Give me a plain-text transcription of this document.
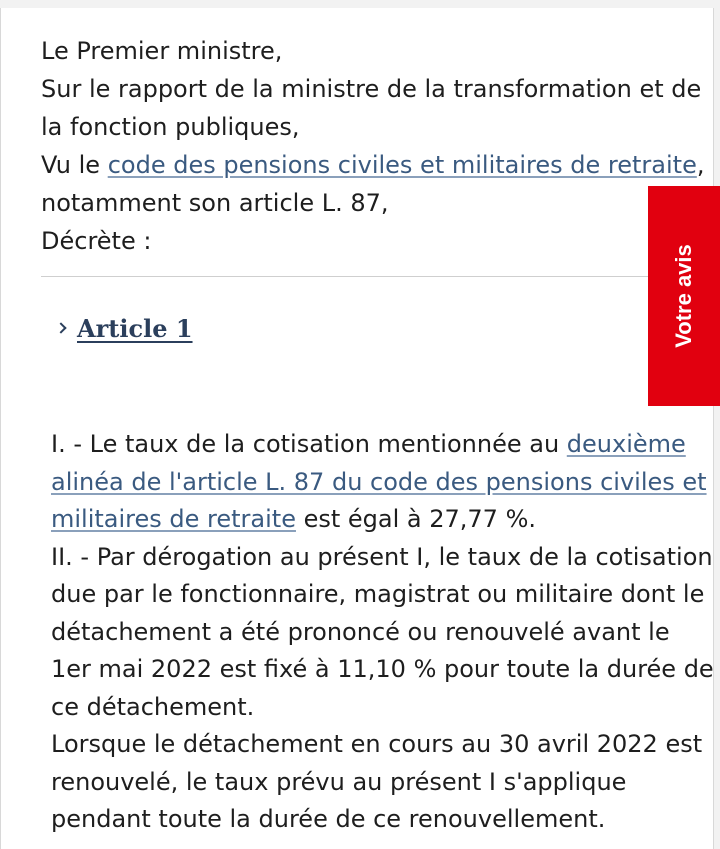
Le Premier ministre,
Sur le rapport de la ministre de la transformation et de
la fonction publiques,
Vu le code des pensions civiles et militaires de retraite,
notamment son article L. 87,
Décrète :
Article 1
I. - Le taux de la cotisation mentionnée au deuxième
alinéa de l'article L. 87 du code des pensions civiles et
militaires de retraite est égal à 27,77 %.
II. - Par dérogation au présent I, le taux de la cotisation
due par le fonctionnaire, magistrat ou militaire dont le
détachement a été prononcé ou renouvelé avant le
1er mai 2022 est fixé à 11,10 % pour toute la durée de
ce détachement.
Lorsque le détachement en cours au 30 avril 2022 est
renouvelé, le taux prévu au présent I s'applique
pendant toute la durée de ce renouvellement.
Votre avis
